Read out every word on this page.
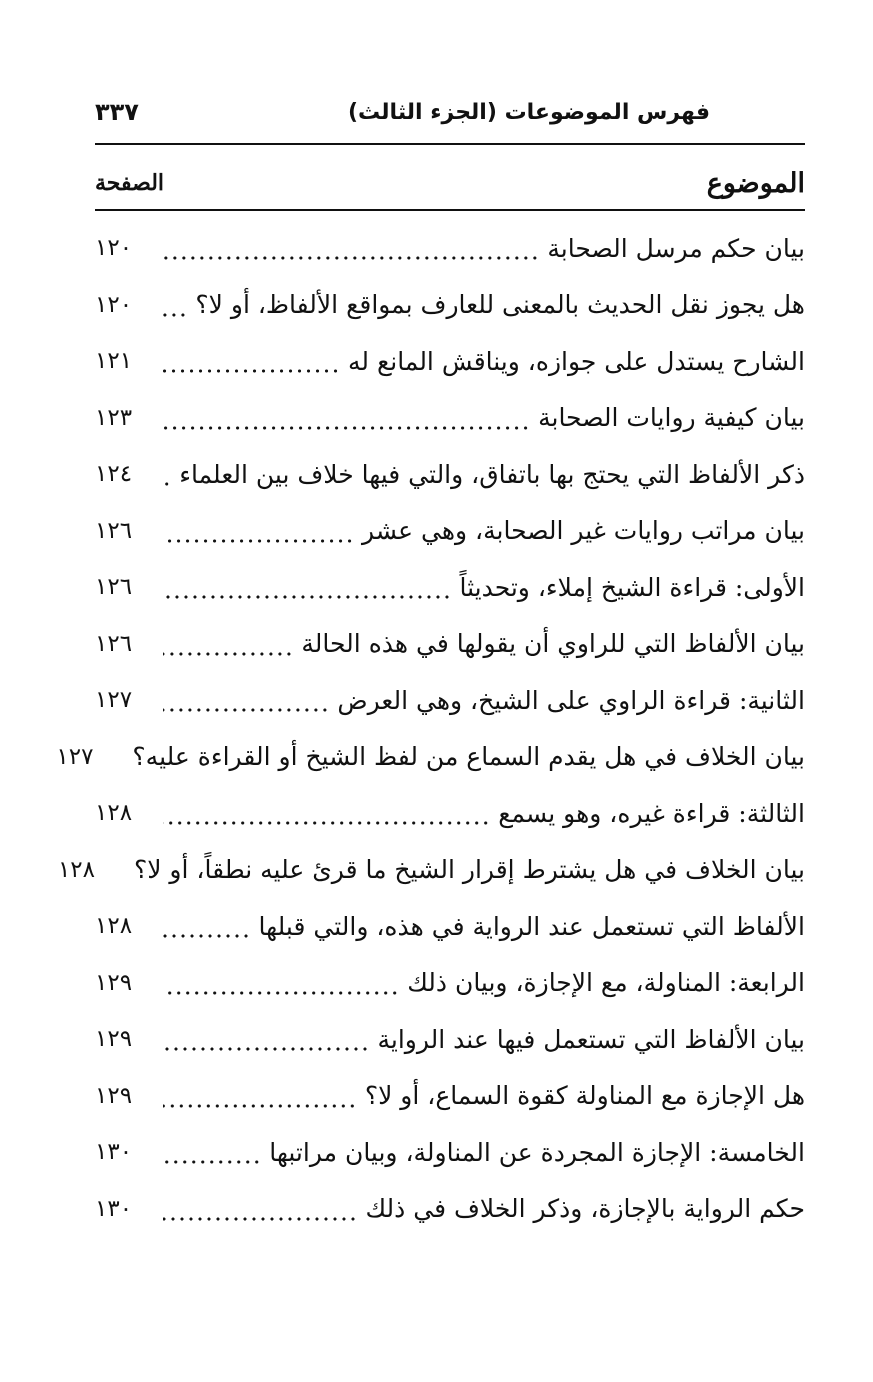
فهرس الموضوعات (الجزء الثالث)
٣٣٧
الموضوع
الصفحة
بيان حكم مرسل الصحابة
١٢٠
هل يجوز نقل الحديث بالمعنى للعارف بمواقع الألفاظ، أو لا؟
١٢٠
الشارح يستدل على جوازه، ويناقش المانع له
١٢١
بيان كيفية روايات الصحابة
١٢٣
ذكر الألفاظ التي يحتج بها باتفاق، والتي فيها خلاف بين العلماء
١٢٤
بيان مراتب روايات غير الصحابة، وهي عشر
١٢٦
الأولى: قراءة الشيخ إملاء، وتحديثاً
١٢٦
بيان الألفاظ التي للراوي أن يقولها في هذه الحالة
١٢٦
الثانية: قراءة الراوي على الشيخ، وهي العرض
١٢٧
بيان الخلاف في هل يقدم السماع من لفظ الشيخ أو القراءة عليه؟
١٢٧
الثالثة: قراءة غيره، وهو يسمع
١٢٨
بيان الخلاف في هل يشترط إقرار الشيخ ما قرئ عليه نطقاً، أو لا؟
١٢٨
الألفاظ التي تستعمل عند الرواية في هذه، والتي قبلها
١٢٨
الرابعة: المناولة، مع الإجازة، وبيان ذلك
١٢٩
بيان الألفاظ التي تستعمل فيها عند الرواية
١٢٩
هل الإجازة مع المناولة كقوة السماع، أو لا؟
١٢٩
الخامسة: الإجازة المجردة عن المناولة، وبيان مراتبها
١٣٠
حكم الرواية بالإجازة، وذكر الخلاف في ذلك
١٣٠
